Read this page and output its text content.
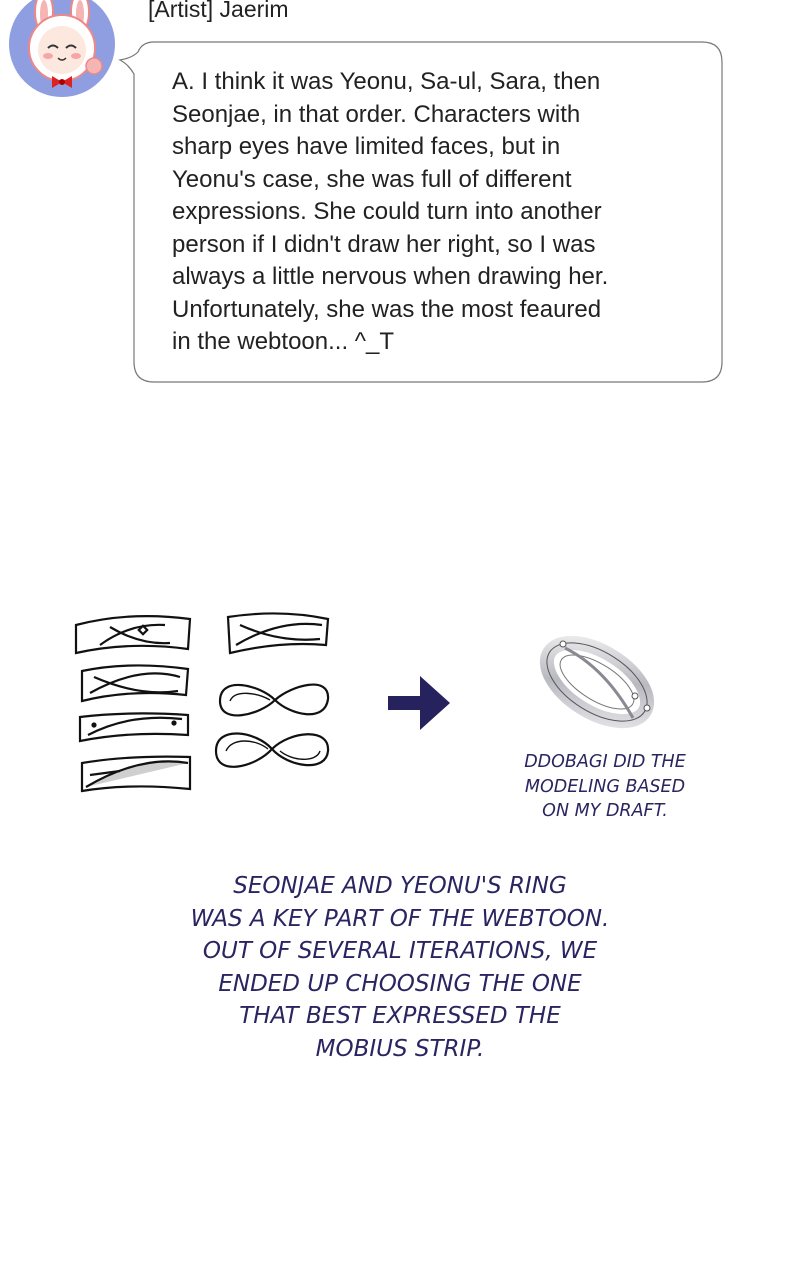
[Artist] Jaerim
A. I think it was Yeonu, Sa-ul, Sara, then
Seonjae, in that order. Characters with
sharp eyes have limited faces, but in
Yeonu's case, she was full of different
expressions. She could turn into another
person if I didn't draw her right, so I was
always a little nervous when drawing her.
Unfortunately, she was the most feaured
in the webtoon... ^_T
DDOBAGI DID THE
MODELING BASED
ON MY DRAFT.
SEONJAE AND YEONU'S RING
WAS A KEY PART OF THE WEBTOON.
OUT OF SEVERAL ITERATIONS, WE
ENDED UP CHOOSING THE ONE
THAT BEST EXPRESSED THE
MOBIUS STRIP.
